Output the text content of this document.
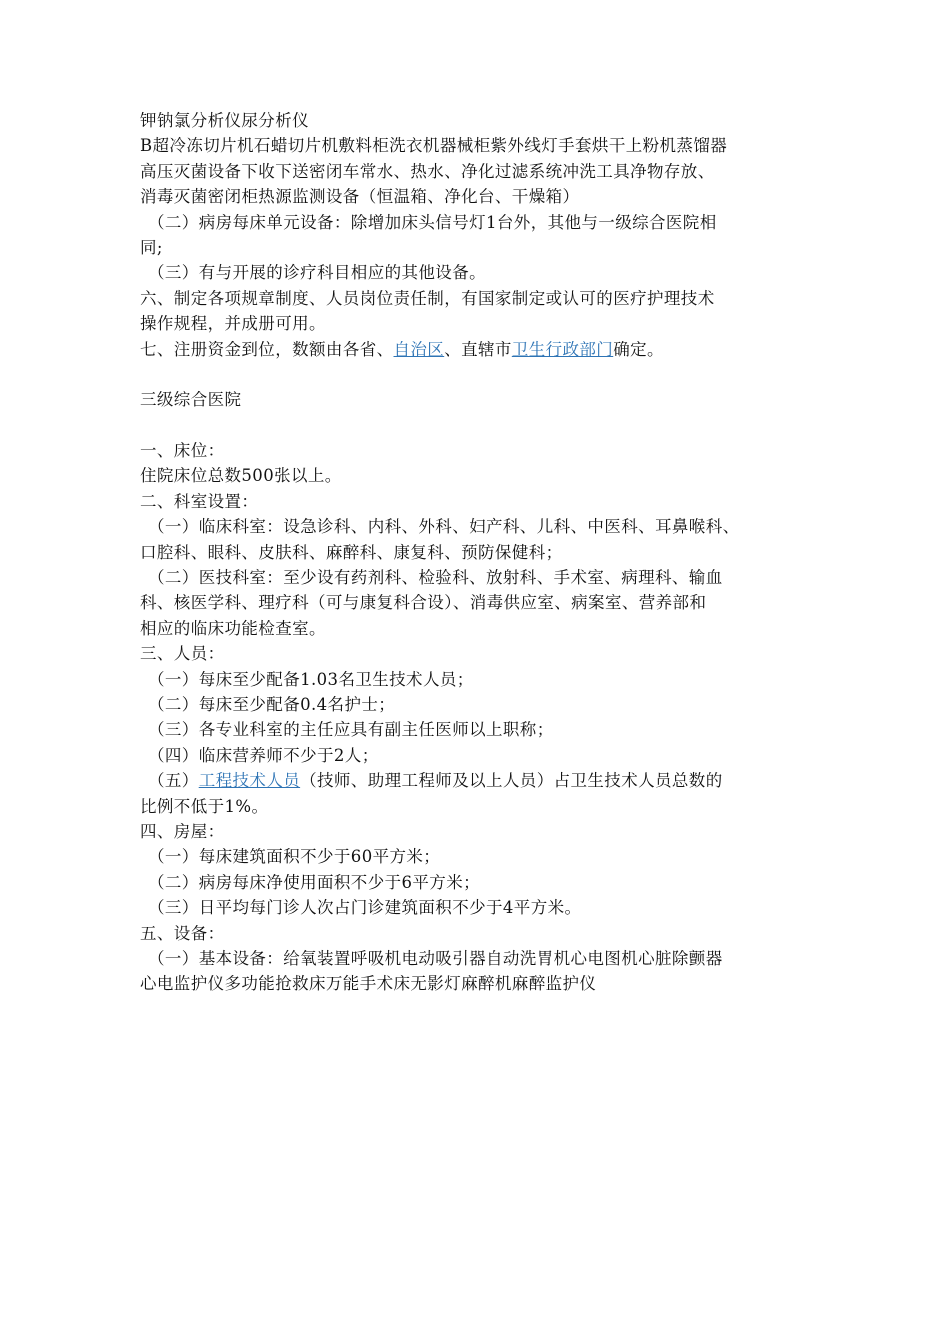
钾钠氯分析仪尿分析仪
B超冷冻切片机石蜡切片机敷料柜洗衣机器械柜紫外线灯手套烘干上粉机蒸馏器
高压灭菌设备下收下送密闭车常水、热水、净化过滤系统冲洗工具净物存放、
消毒灭菌密闭柜热源监测设备（恒温箱、净化台、干燥箱）
（二）病房每床单元设备：除增加床头信号灯1台外，其他与一级综合医院相
同;
（三）有与开展的诊疗科目相应的其他设备。
六、制定各项规章制度、人员岗位责任制，有国家制定或认可的医疗护理技术
操作规程，并成册可用。
七、注册资金到位，数额由各省、自治区、直辖市卫生行政部门确定。
三级综合医院
一、床位：
住院床位总数500张以上。
二、科室设置：
（一）临床科室：设急诊科、内科、外科、妇产科、儿科、中医科、耳鼻喉科、
口腔科、眼科、皮肤科、麻醉科、康复科、预防保健科；
（二）医技科室：至少设有药剂科、检验科、放射科、手术室、病理科、输血
科、核医学科、理疗科（可与康复科合设）、消毒供应室、病案室、营养部和
相应的临床功能检查室。
三、人员：
（一）每床至少配备1.03名卫生技术人员；
（二）每床至少配备0.4名护士；
（三）各专业科室的主任应具有副主任医师以上职称；
（四）临床营养师不少于2人；
（五）工程技术人员（技师、助理工程师及以上人员）占卫生技术人员总数的
比例不低于1%。
四、房屋：
（一）每床建筑面积不少于60平方米；
（二）病房每床净使用面积不少于6平方米；
（三）日平均每门诊人次占门诊建筑面积不少于4平方米。
五、设备：
（一）基本设备：给氧装置呼吸机电动吸引器自动洗胃机心电图机心脏除颤器
心电监护仪多功能抢救床万能手术床无影灯麻醉机麻醉监护仪
